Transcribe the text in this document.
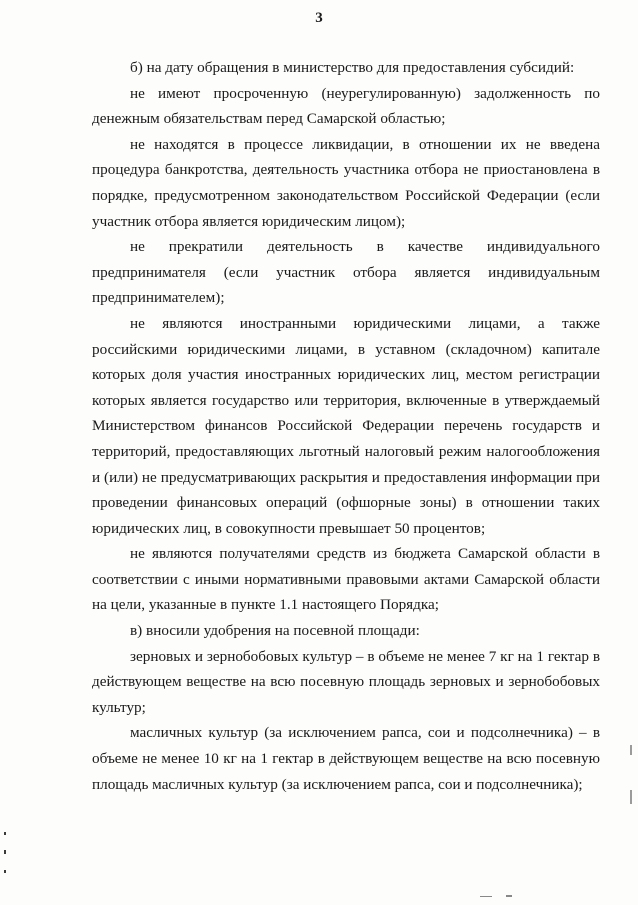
3

б) на дату обращения в министерство для предоставления субсидий:

не имеют просроченную (неурегулированную) задолженность по денежным обязательствам перед Самарской областью;

не находятся в процессе ликвидации, в отношении их не введена процедура банкротства, деятельность участника отбора не приостановлена в порядке, предусмотренном законодательством Российской Федерации (если участник отбора является юридическим лицом);

не прекратили деятельность в качестве индивидуального предпринимателя (если участник отбора является индивидуальным предпринимателем);

не являются иностранными юридическими лицами, а также российскими юридическими лицами, в уставном (складочном) капитале которых доля участия иностранных юридических лиц, местом регистрации которых является государство или территория, включенные в утверждаемый Министерством финансов Российской Федерации перечень государств и территорий, предоставляющих льготный налоговый режим налогообложения и (или) не предусматривающих раскрытия и предоставления информации при проведении финансовых операций (офшорные зоны) в отношении таких юридических лиц, в совокупности превышает 50 процентов;

не являются получателями средств из бюджета Самарской области в соответствии с иными нормативными правовыми актами Самарской области на цели, указанные в пункте 1.1 настоящего Порядка;

в) вносили удобрения на посевной площади:

зерновых и зернобобовых культур – в объеме не менее 7 кг на 1 гектар в действующем веществе на всю посевную площадь зерновых и зернобобовых культур;

масличных культур (за исключением рапса, сои и подсолнечника) – в объеме не менее 10 кг на 1 гектар в действующем веществе на всю посевную площадь масличных культур (за исключением рапса, сои и подсолнечника);
